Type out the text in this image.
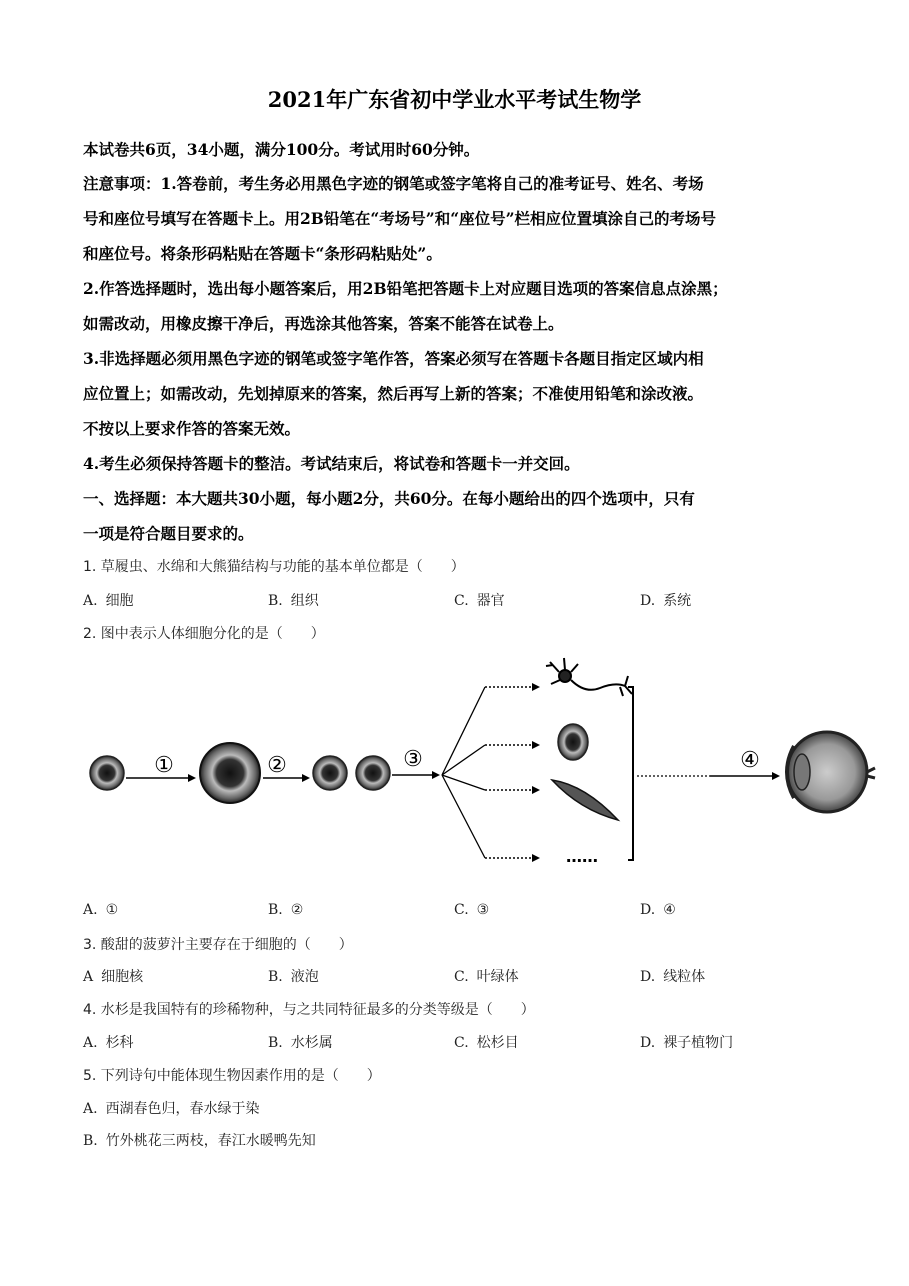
2021年广东省初中学业水平考试生物学
本试卷共6页，34小题，满分100分。考试用时60分钟。
注意事项：1.答卷前，考生务必用黑色字迹的钢笔或签字笔将自己的准考证号、姓名、考场
号和座位号填写在答题卡上。用2B铅笔在“考场号”和“座位号”栏相应位置填涂自己的考场号
和座位号。将条形码粘贴在答题卡“条形码粘贴处”。
2.作答选择题时，选出每小题答案后，用2B铅笔把答题卡上对应题目选项的答案信息点涂黑；
如需改动，用橡皮擦干净后，再选涂其他答案，答案不能答在试卷上。
3.非选择题必须用黑色字迹的钢笔或签字笔作答，答案必须写在答题卡各题目指定区域内相
应位置上；如需改动，先划掉原来的答案，然后再写上新的答案；不准使用铅笔和涂改液。
不按以上要求作答的答案无效。
4.考生必须保持答题卡的整洁。考试结束后，将试卷和答题卡一并交回。
一、选择题：本大题共30小题，每小题2分，共60分。在每小题给出的四个选项中，只有
一项是符合题目要求的。
1. 草履虫、水绵和大熊猫结构与功能的基本单位都是（　　）
A. 细胞	B. 组织	C. 器官	D. 系统
2. 图中表示人体细胞分化的是（　　）
①	②	③
……
④
A. ①	B. ②	C. ③	D. ④
3. 酸甜的菠萝汁主要存在于细胞的（　　）
A 细胞核	B. 液泡	C. 叶绿体	D. 线粒体
4. 水杉是我国特有的珍稀物种，与之共同特征最多的分类等级是（　　）
A. 杉科	B. 水杉属	C. 松杉目	D. 裸子植物门
5. 下列诗句中能体现生物因素作用的是（　　）
A. 西湖春色归，春水绿于染
B. 竹外桃花三两枝，春江水暖鸭先知
